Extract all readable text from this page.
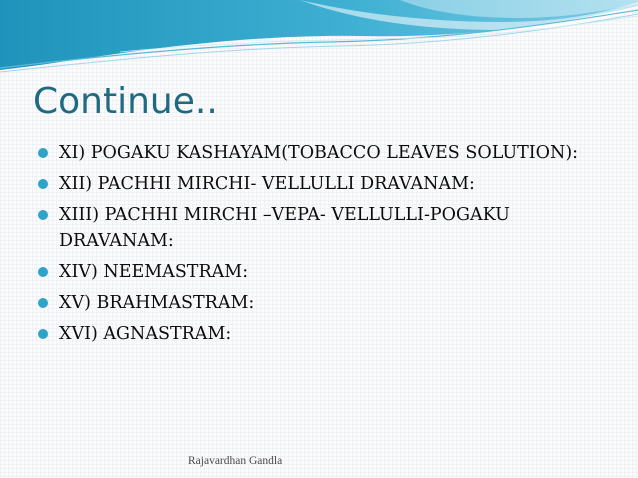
Continue..
XI) POGAKU KASHAYAM(TOBACCO LEAVES SOLUTION):
XII) PACHHI MIRCHI- VELLULLI DRAVANAM:
XIII) PACHHI MIRCHI –VEPA- VELLULLI-POGAKU DRAVANAM:
XIV) NEEMASTRAM:
XV) BRAHMASTRAM:
XVI) AGNASTRAM:
Rajavardhan Gandla
